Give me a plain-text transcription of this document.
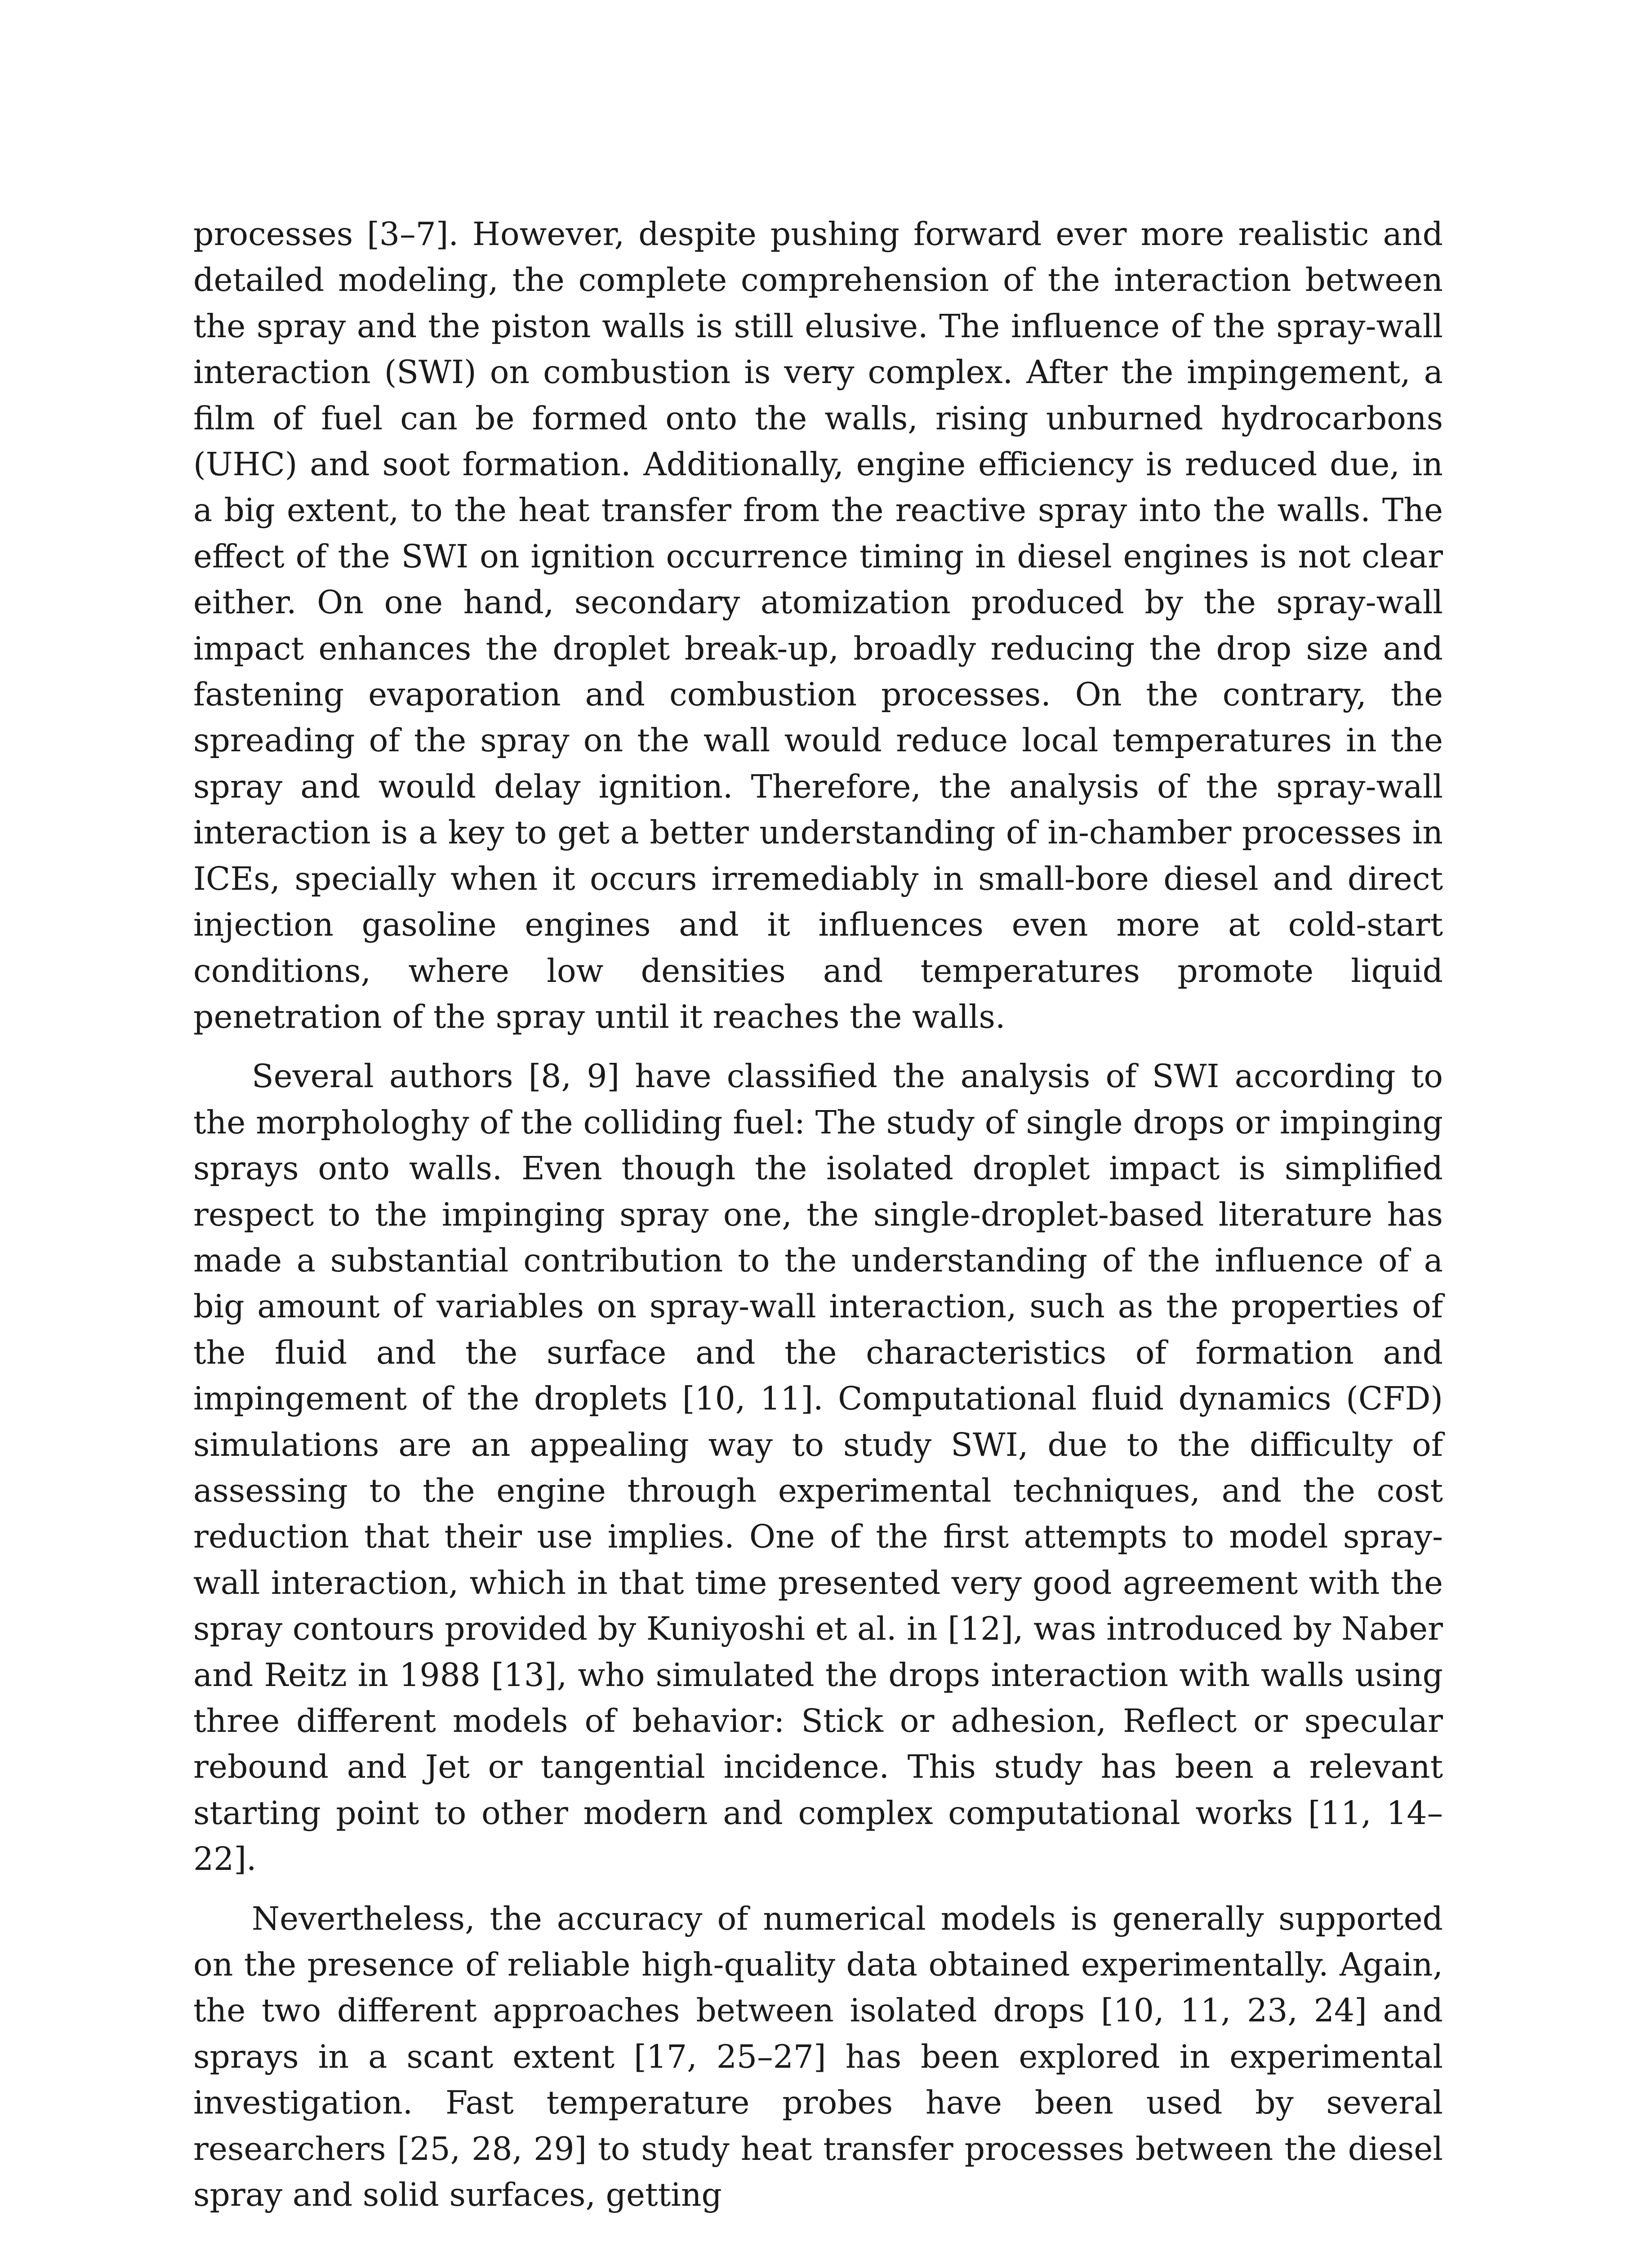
processes [3–7]. However, despite pushing forward ever more realistic and detailed modeling, the complete comprehension of the interaction between the spray and the piston walls is still elusive. The influence of the spray-wall interaction (SWI) on combustion is very complex. After the impingement, a film of fuel can be formed onto the walls, rising unburned hydrocarbons (UHC) and soot formation. Additionally, engine efficiency is reduced due, in a big extent, to the heat transfer from the reactive spray into the walls. The effect of the SWI on ignition occurrence timing in diesel engines is not clear either. On one hand, secondary atomization produced by the spray-wall impact enhances the droplet break-up, broadly reducing the drop size and fastening evaporation and combustion processes. On the contrary, the spreading of the spray on the wall would reduce local temperatures in the spray and would delay ignition. Therefore, the analysis of the spray-wall interaction is a key to get a better understanding of in-chamber processes in ICEs, specially when it occurs irremediably in small-bore diesel and direct injection gasoline engines and it influences even more at cold-start conditions, where low densities and temperatures promote liquid penetration of the spray until it reaches the walls.

Several authors [8, 9] have classified the analysis of SWI according to the morphologhy of the colliding fuel: The study of single drops or impinging sprays onto walls. Even though the isolated droplet impact is simplified respect to the impinging spray one, the single-droplet-based literature has made a substantial contribution to the understanding of the influence of a big amount of variables on spray-wall interaction, such as the properties of the fluid and the surface and the characteristics of formation and impingement of the droplets [10, 11]. Computational fluid dynamics (CFD) simulations are an appealing way to study SWI, due to the difficulty of assessing to the engine through experimental techniques, and the cost reduction that their use implies. One of the first attempts to model spray-wall interaction, which in that time presented very good agreement with the spray contours provided by Kuniyoshi et al. in [12], was introduced by Naber and Reitz in 1988 [13], who simulated the drops interaction with walls using three different models of behavior: Stick or adhesion, Reflect or specular rebound and Jet or tangential incidence. This study has been a relevant starting point to other modern and complex computational works [11, 14–22].

Nevertheless, the accuracy of numerical models is generally supported on the presence of reliable high-quality data obtained experimentally. Again, the two different approaches between isolated drops [10, 11, 23, 24] and sprays in a scant extent [17, 25–27] has been explored in experimental investigation. Fast temperature probes have been used by several researchers [25, 28, 29] to study heat transfer processes between the diesel spray and solid surfaces, getting
